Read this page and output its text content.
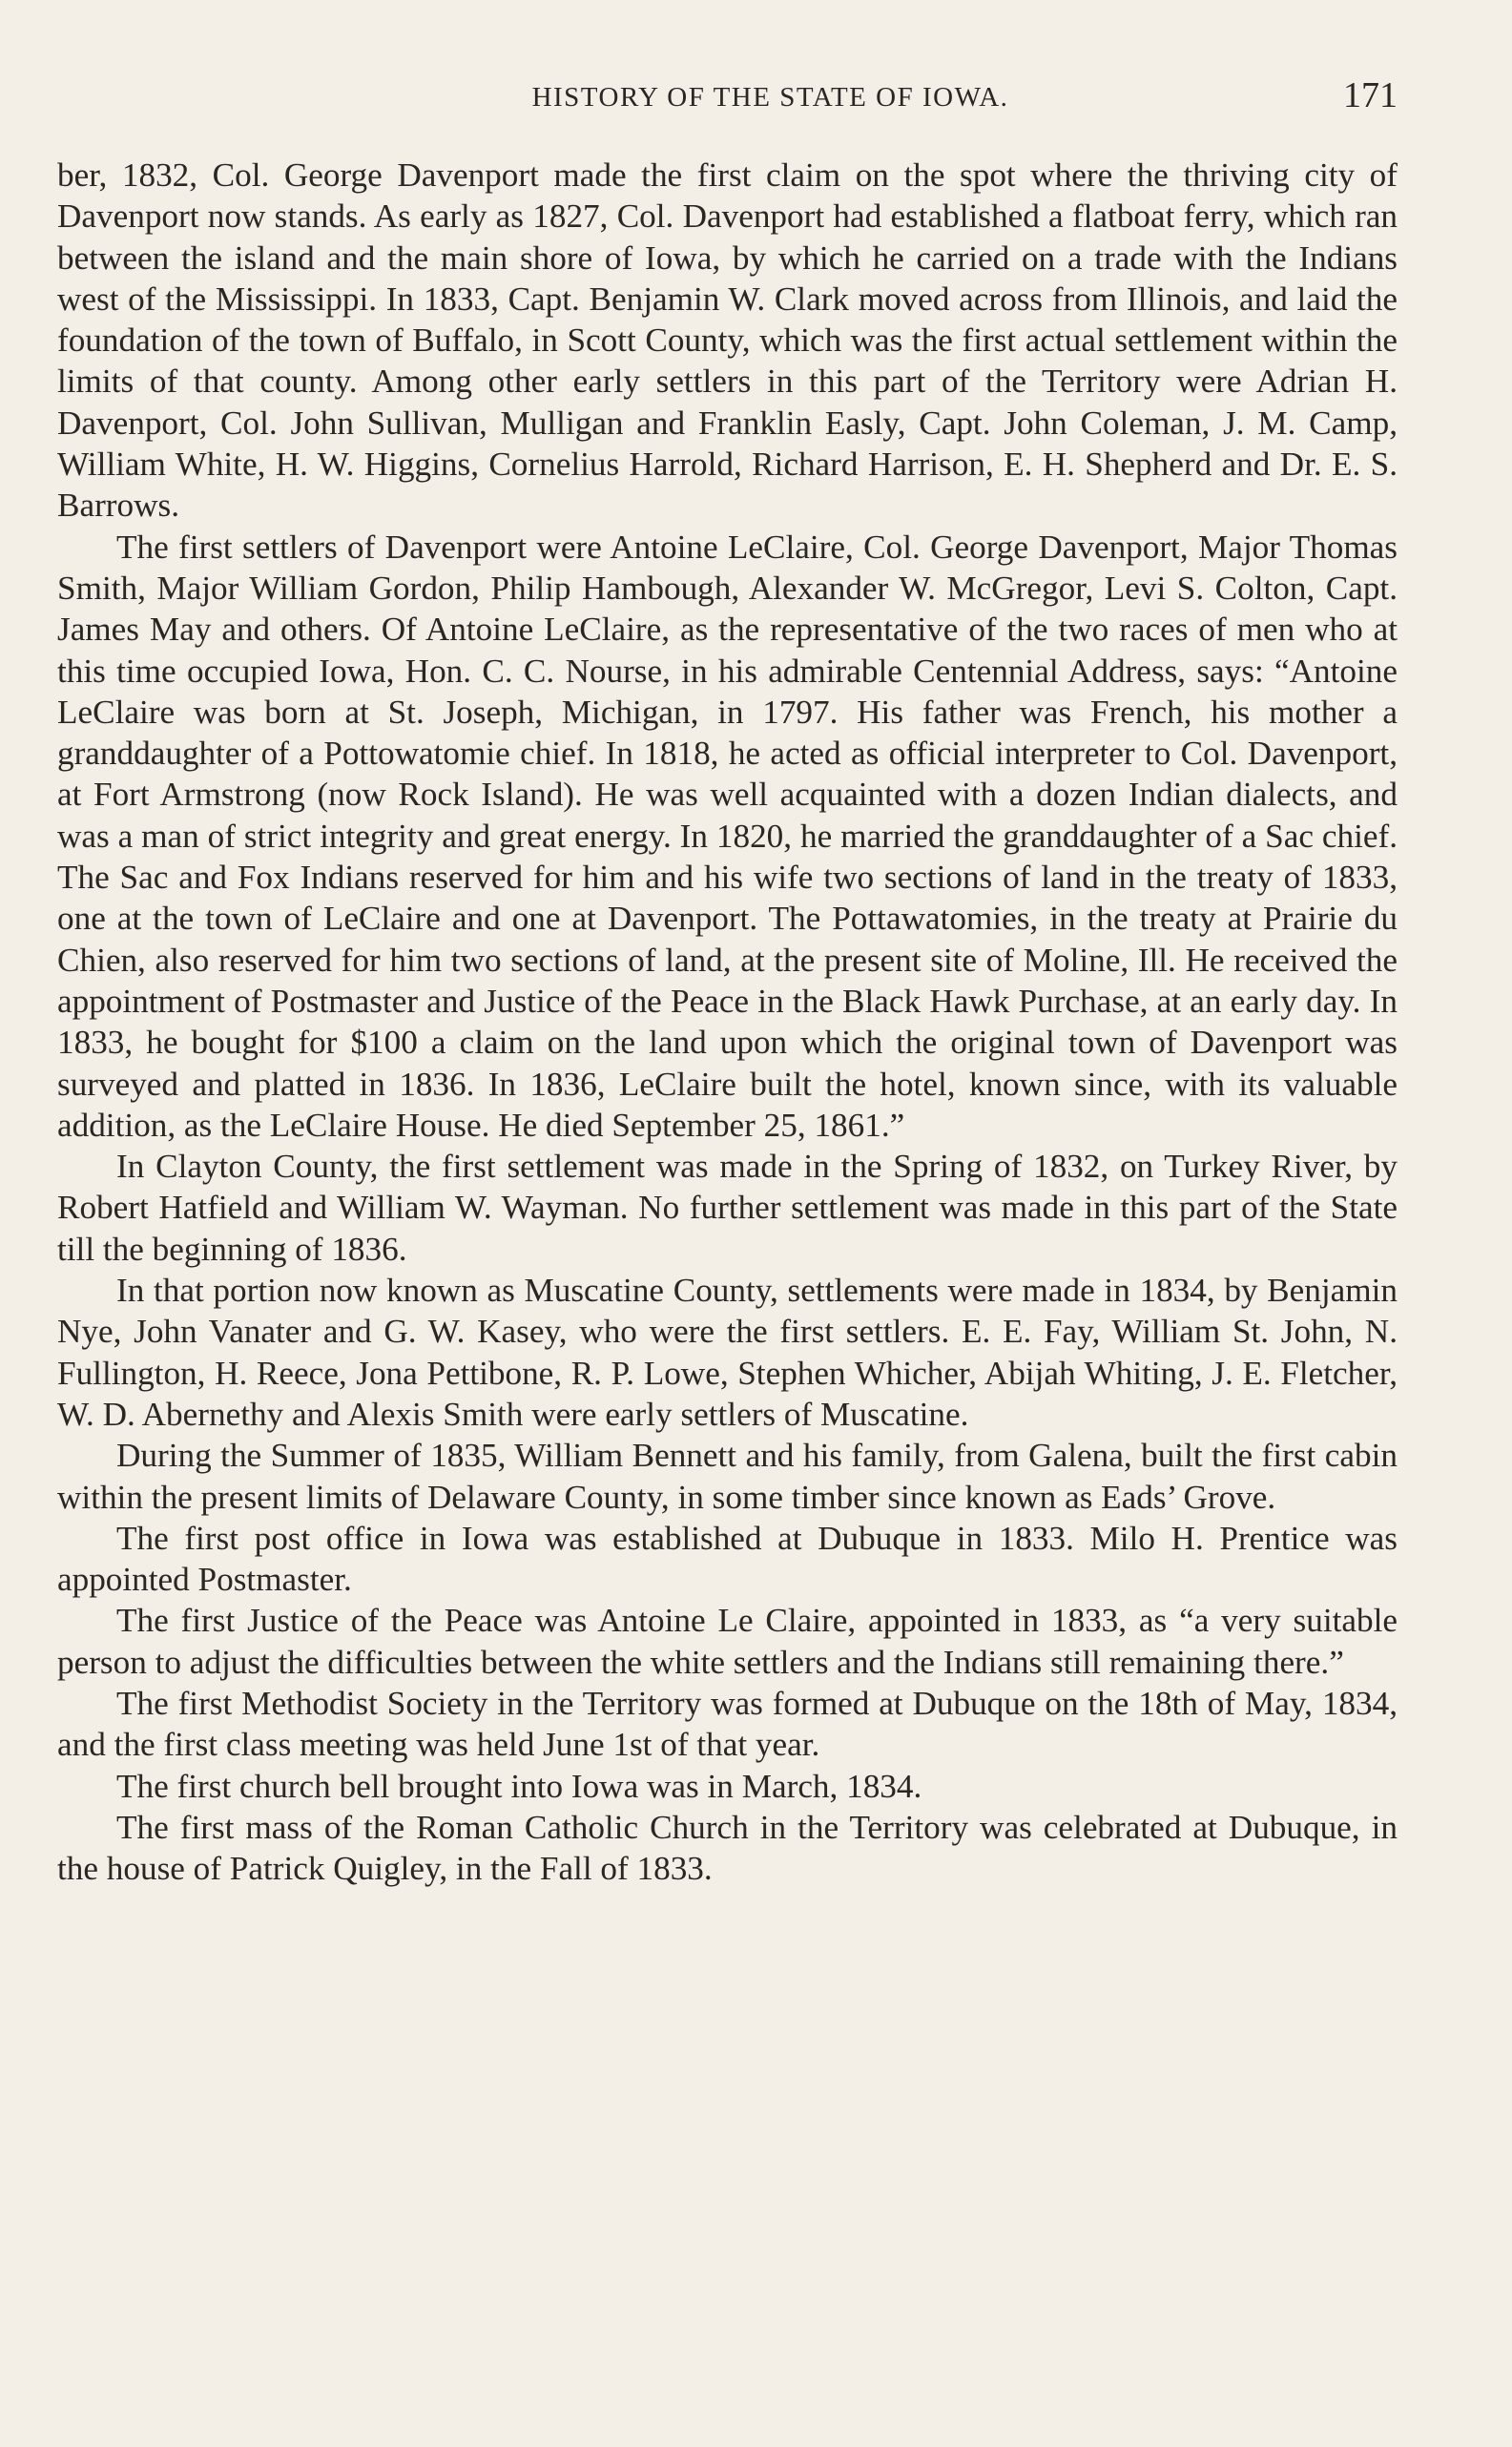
HISTORY OF THE STATE OF IOWA.	171

ber, 1832, Col. George Davenport made the first claim on the spot where the thriving city of Davenport now stands. As early as 1827, Col. Davenport had established a flatboat ferry, which ran between the island and the main shore of Iowa, by which he carried on a trade with the Indians west of the Mississippi. In 1833, Capt. Benjamin W. Clark moved across from Illinois, and laid the foundation of the town of Buffalo, in Scott County, which was the first actual settlement within the limits of that county. Among other early settlers in this part of the Territory were Adrian H. Davenport, Col. John Sullivan, Mulligan and Franklin Easly, Capt. John Coleman, J. M. Camp, William White, H. W. Higgins, Cornelius Harrold, Richard Harrison, E. H. Shepherd and Dr. E. S. Barrows.

The first settlers of Davenport were Antoine LeClaire, Col. George Davenport, Major Thomas Smith, Major William Gordon, Philip Hambough, Alexander W. McGregor, Levi S. Colton, Capt. James May and others. Of Antoine LeClaire, as the representative of the two races of men who at this time occupied Iowa, Hon. C. C. Nourse, in his admirable Centennial Address, says: “Antoine LeClaire was born at St. Joseph, Michigan, in 1797. His father was French, his mother a granddaughter of a Pottowatomie chief. In 1818, he acted as official interpreter to Col. Davenport, at Fort Armstrong (now Rock Island). He was well acquainted with a dozen Indian dialects, and was a man of strict integrity and great energy. In 1820, he married the granddaughter of a Sac chief. The Sac and Fox Indians reserved for him and his wife two sections of land in the treaty of 1833, one at the town of LeClaire and one at Davenport. The Pottawatomies, in the treaty at Prairie du Chien, also reserved for him two sections of land, at the present site of Moline, Ill. He received the appointment of Postmaster and Justice of the Peace in the Black Hawk Purchase, at an early day. In 1833, he bought for $100 a claim on the land upon which the original town of Davenport was surveyed and platted in 1836. In 1836, LeClaire built the hotel, known since, with its valuable addition, as the LeClaire House. He died September 25, 1861.”

In Clayton County, the first settlement was made in the Spring of 1832, on Turkey River, by Robert Hatfield and William W. Wayman. No further settlement was made in this part of the State till the beginning of 1836.

In that portion now known as Muscatine County, settlements were made in 1834, by Benjamin Nye, John Vanater and G. W. Kasey, who were the first settlers. E. E. Fay, William St. John, N. Fullington, H. Reece, Jona Pettibone, R. P. Lowe, Stephen Whicher, Abijah Whiting, J. E. Fletcher, W. D. Abernethy and Alexis Smith were early settlers of Muscatine.

During the Summer of 1835, William Bennett and his family, from Galena, built the first cabin within the present limits of Delaware County, in some timber since known as Eads’ Grove.

The first post office in Iowa was established at Dubuque in 1833. Milo H. Prentice was appointed Postmaster.

The first Justice of the Peace was Antoine Le Claire, appointed in 1833, as “a very suitable person to adjust the difficulties between the white settlers and the Indians still remaining there.”

The first Methodist Society in the Territory was formed at Dubuque on the 18th of May, 1834, and the first class meeting was held June 1st of that year.

The first church bell brought into Iowa was in March, 1834.

The first mass of the Roman Catholic Church in the Territory was celebrated at Dubuque, in the house of Patrick Quigley, in the Fall of 1833.
